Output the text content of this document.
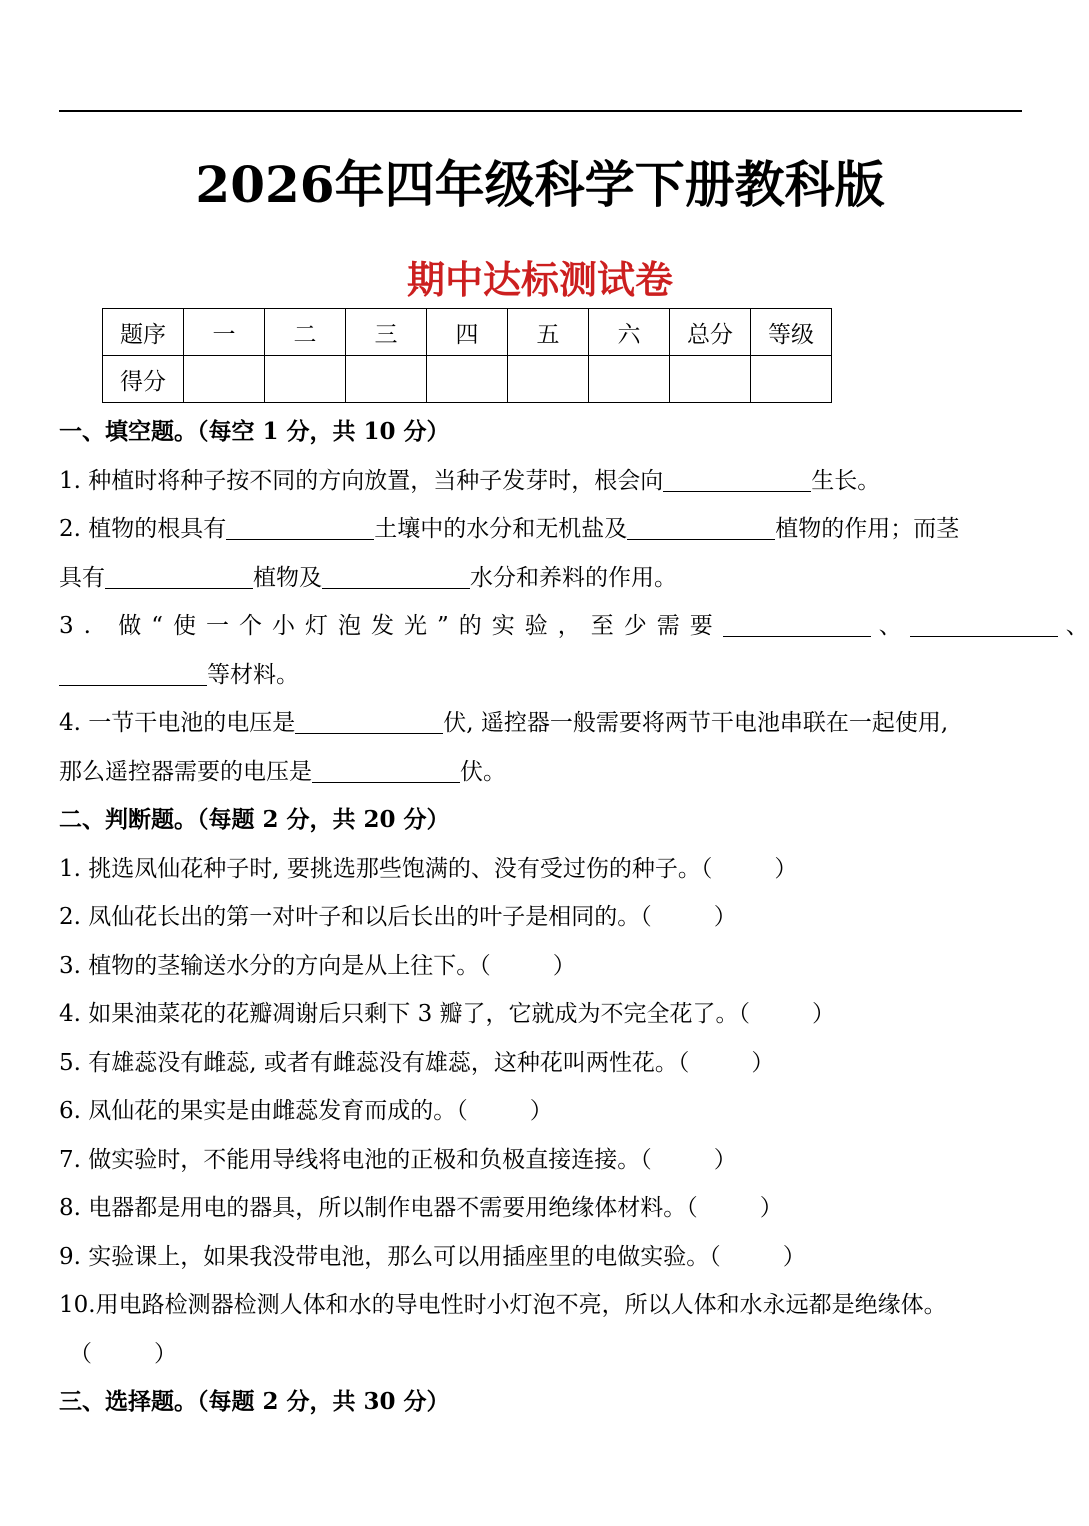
2026年四年级科学下册教科版
期中达标测试卷
题序	一	二	三	四	五	六	总分	等级
得分								
一、填空题。（每空 1 分，共 10 分）
1. 种植时将种子按不同的方向放置，当种子发芽时，根会向	生长。
2. 植物的根具有	土壤中的水分和无机盐及	植物的作用；而茎
具有	植物及	水分和养料的作用。
3. 做“使一个小灯泡发光”的实验，至少需要	、	、
等材料。
4. 一节干电池的电压是	伏, 遥控器一般需要将两节干电池串联在一起使用,
那么遥控器需要的电压是	伏。
二、判断题。（每题 2 分，共 20 分）
1. 挑选凤仙花种子时, 要挑选那些饱满的、没有受过伤的种子。（	）
2. 凤仙花长出的第一对叶子和以后长出的叶子是相同的。（	）
3. 植物的茎输送水分的方向是从上往下。（	）
4. 如果油菜花的花瓣凋谢后只剩下 3 瓣了，它就成为不完全花了。（	）
5. 有雄蕊没有雌蕊, 或者有雌蕊没有雄蕊，这种花叫两性花。（	）
6. 凤仙花的果实是由雌蕊发育而成的。（	）
7. 做实验时，不能用导线将电池的正极和负极直接连接。（	）
8. 电器都是用电的器具，所以制作电器不需要用绝缘体材料。（	）
9. 实验课上，如果我没带电池，那么可以用插座里的电做实验。（	）
10.用电路检测器检测人体和水的导电性时小灯泡不亮，所以人体和水永远都是绝缘体。
（	）
三、选择题。（每题 2 分，共 30 分）
